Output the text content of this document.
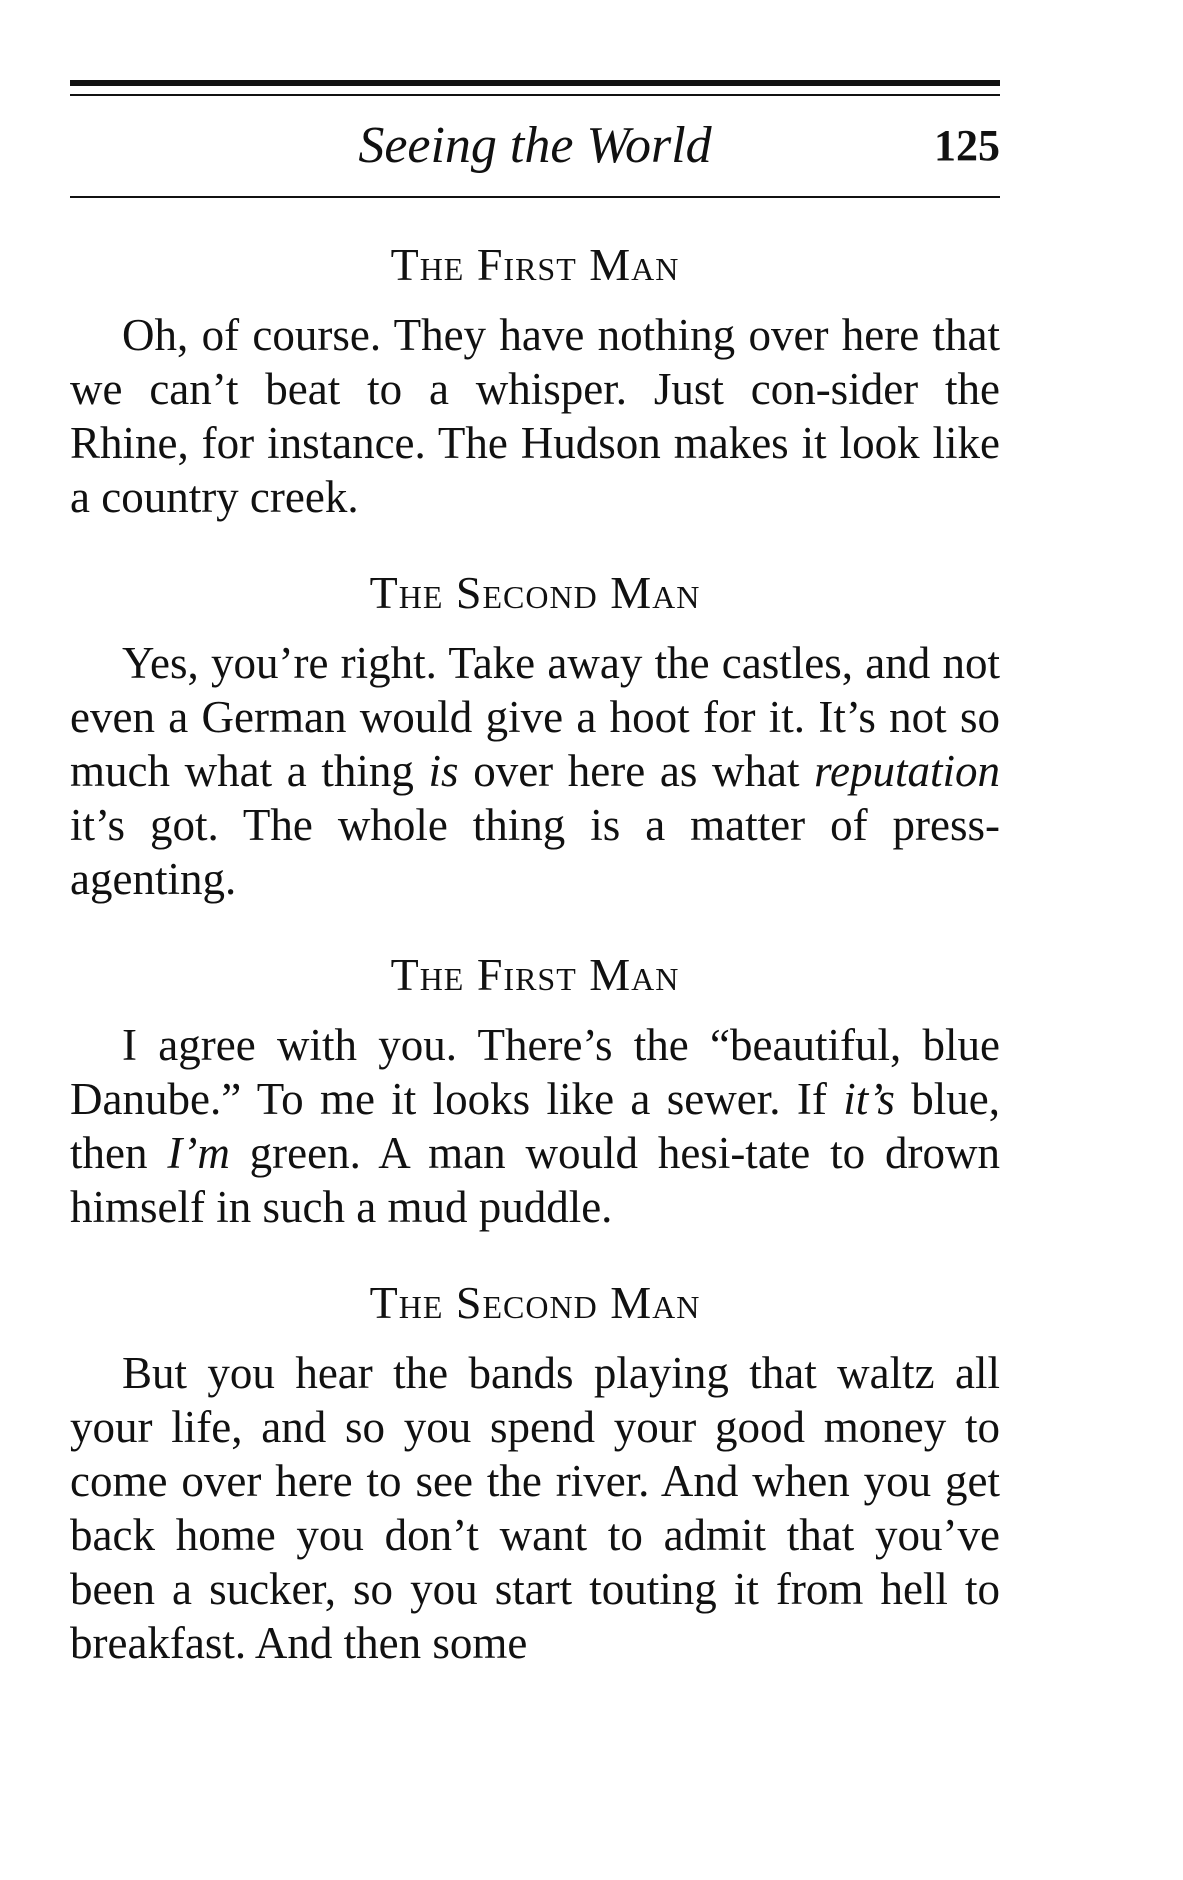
Seeing the World	125
The First Man

Oh, of course. They have nothing over here that we can’t beat to a whisper. Just con-sider the Rhine, for instance. The Hudson makes it look like a country creek.

The Second Man

Yes, you’re right. Take away the castles, and not even a German would give a hoot for it. It’s not so much what a thing is over here as what reputation it’s got. The whole thing is a matter of press-agenting.

The First Man

I agree with you. There’s the “beautiful, blue Danube.” To me it looks like a sewer. If it’s blue, then I’m green. A man would hesi-tate to drown himself in such a mud puddle.

The Second Man

But you hear the bands playing that waltz all your life, and so you spend your good money to come over here to see the river. And when you get back home you don’t want to admit that you’ve been a sucker, so you start touting it from hell to breakfast. And then some
